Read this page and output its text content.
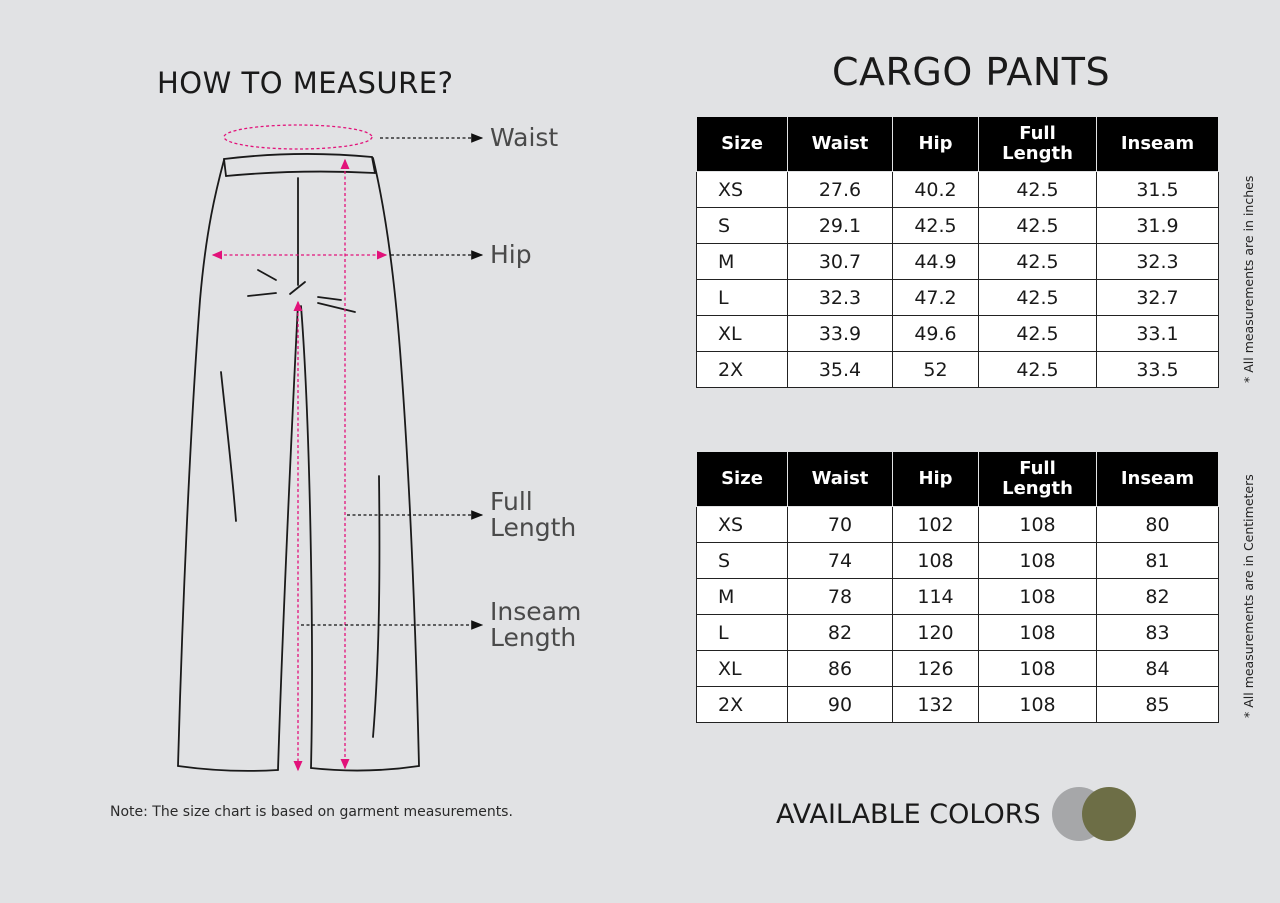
HOW TO MEASURE?	CARGO PANTS
Waist
Hip
Full
Length
Inseam
Length
Size	Waist	Hip	Full
Length	Inseam
XS	27.6	40.2	42.5	31.5
S	29.1	42.5	42.5	31.9
M	30.7	44.9	42.5	32.3
L	32.3	47.2	42.5	32.7
XL	33.9	49.6	42.5	33.1
2X	35.4	52	42.5	33.5	* All measurements are in inches
Size	Waist	Hip	Full
Length	Inseam
XS	70	102	108	80
S	74	108	108	81
M	78	114	108	82
L	82	120	108	83
XL	86	126	108	84
2X	90	132	108	85	* All measurements are in Centimeters
Note: The size chart is based on garment measurements.	AVAILABLE COLORS
